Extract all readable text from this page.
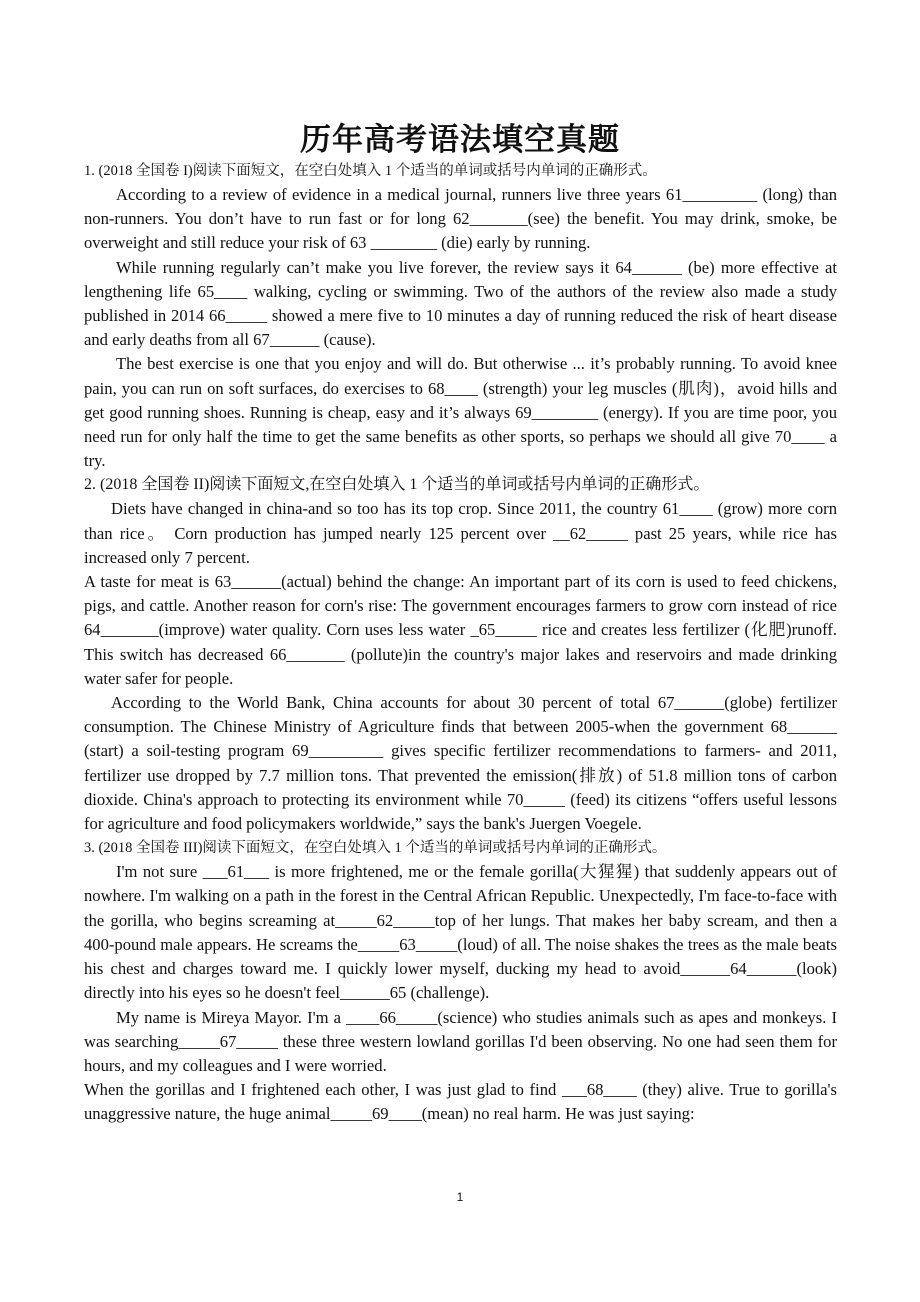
历年高考语法填空真题

1. (2018 全国卷 I)阅读下面短文，在空白处填入 1 个适当的单词或括号内单词的正确形式。

According to a review of evidence in a medical journal, runners live three years 61_________ (long) than non-runners. You don’t have to run fast or for long 62_______(see) the benefit. You may drink, smoke, be overweight and still reduce your risk of 63 ________ (die) early by running.

While running regularly can’t make you live forever, the review says it 64______ (be) more effective at lengthening life 65____ walking, cycling or swimming. Two of the authors of the review also made a study published in 2014 66_____ showed a mere five to 10 minutes a day of running reduced the risk of heart disease and early deaths from all 67______ (cause).

The best exercise is one that you enjoy and will do. But otherwise ... it’s probably running. To avoid knee pain, you can run on soft surfaces, do exercises to 68____ (strength) your leg muscles (肌肉)，avoid hills and get good running shoes. Running is cheap, easy and it’s always 69________ (energy). If you are time poor, you need run for only half the time to get the same benefits as other sports, so perhaps we should all give 70____ a try.

2. (2018 全国卷 II)阅读下面短文,在空白处填入 1 个适当的单词或括号内单词的正确形式。

Diets have changed in china-and so too has its top crop. Since 2011, the country 61____ (grow) more corn than rice。 Corn production has jumped nearly 125 percent over __62_____ past 25 years, while rice has increased only 7 percent.

A taste for meat is 63______(actual) behind the change: An important part of its corn is used to feed chickens, pigs, and cattle. Another reason for corn's rise: The government encourages farmers to grow corn instead of rice 64_______(improve) water quality. Corn uses less water _65_____ rice and creates less fertilizer (化肥)runoff. This switch has decreased 66_______ (pollute)in the country's major lakes and reservoirs and made drinking water safer for people.

According to the World Bank, China accounts for about 30 percent of total 67______(globe) fertilizer consumption. The Chinese Ministry of Agriculture finds that between 2005-when the government 68______ (start) a soil-testing program 69_________ gives specific fertilizer recommendations to farmers- and 2011, fertilizer use dropped by 7.7 million tons. That prevented the emission(排放) of 51.8 million tons of carbon dioxide. China's approach to protecting its environment while 70_____ (feed) its citizens “offers useful lessons for agriculture and food policymakers worldwide,” says the bank's Juergen Voegele.

3. (2018 全国卷 III)阅读下面短文，在空白处填入 1 个适当的单词或括号内单词的正确形式。

I'm not sure ___61___ is more frightened, me or the female gorilla(大猩猩) that suddenly appears out of nowhere. I'm walking on a path in the forest in the Central African Republic. Unexpectedly, I'm face-to-face with the gorilla, who begins screaming at_____62_____top of her lungs. That makes her baby scream, and then a 400-pound male appears. He screams the_____63_____(loud) of all. The noise shakes the trees as the male beats his chest and charges toward me. I quickly lower myself, ducking my head to avoid______64______(look) directly into his eyes so he doesn't feel______65 (challenge).

My name is Mireya Mayor. I'm a ____66_____(science) who studies animals such as apes and monkeys. I was searching_____67_____ these three western lowland gorillas I'd been observing. No one had seen them for hours, and my colleagues and I were worried.

When the gorillas and I frightened each other, I was just glad to find ___68____ (they) alive. True to gorilla's unaggressive nature, the huge animal_____69____(mean) no real harm. He was just saying:

1
